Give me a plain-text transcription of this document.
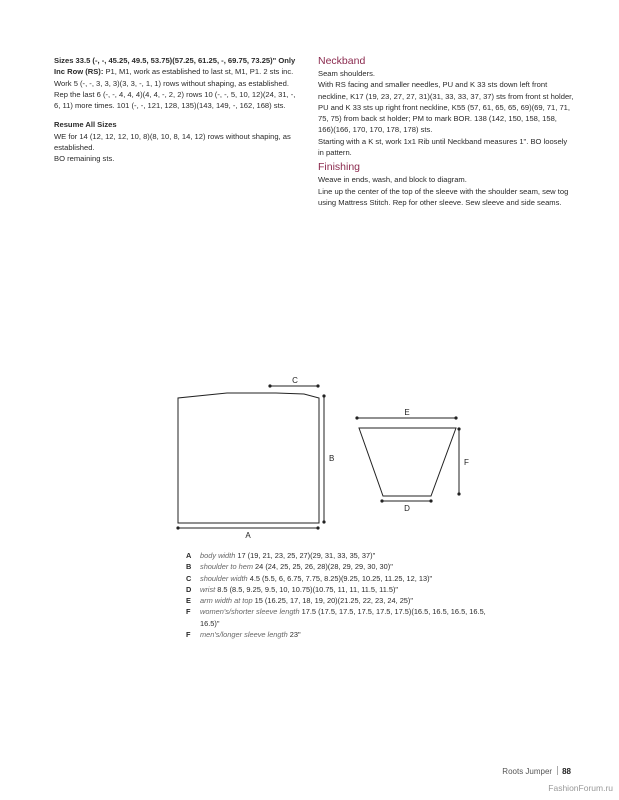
Sizes 33.5 (-, -, 45.25, 49.5, 53.75)(57.25, 61.25, -, 69.75, 73.25)" Only

Inc Row (RS): P1, M1, work as established to last st, M1, P1. 2 sts inc.

Work 5 (-, -, 3, 3, 3)(3, 3, -, 1, 1) rows without shaping, as established.

Rep the last 6 (-, -, 4, 4, 4)(4, 4, -, 2, 2) rows 10 (-, -, 5, 10, 12)(24, 31, -, 6, 11) more times. 101 (-, -, 121, 128, 135)(143, 149, -, 162, 168) sts.

Resume All Sizes

WE for 14 (12, 12, 12, 10, 8)(8, 10, 8, 14, 12) rows without shaping, as established.

BO remaining sts.

Neckband

Seam shoulders.

With RS facing and smaller needles, PU and K 33 sts down left front neckline, K17 (19, 23, 27, 27, 31)(31, 33, 33, 37, 37) sts from front st holder, PU and K 33 sts up right front neckline, K55 (57, 61, 65, 65, 69)(69, 71, 71, 75, 75) from back st holder; PM to mark BOR. 138 (142, 150, 158, 158, 166)(166, 170, 170, 178, 178) sts.

Starting with a K st, work 1x1 Rib until Neckband measures 1". BO loosely in pattern.

Finishing

Weave in ends, wash, and block to diagram.

Line up the center of the top of the sleeve with the shoulder seam, sew tog using Mattress Stitch. Rep for other sleeve. Sew sleeve and side seams.

C
B
A
E
F
D
A body width 17 (19, 21, 23, 25, 27)(29, 31, 33, 35, 37)"
B shoulder to hem 24 (24, 25, 25, 26, 28)(28, 29, 29, 30, 30)"
C shoulder width 4.5 (5.5, 6, 6.75, 7.75, 8.25)(9.25, 10.25, 11.25, 12, 13)"
D wrist 8.5 (8.5, 9.25, 9.5, 10, 10.75)(10.75, 11, 11, 11.5, 11.5)"
E arm width at top 15 (16.25, 17, 18, 19, 20)(21.25, 22, 23, 24, 25)"
F women's/shorter sleeve length 17.5 (17.5, 17.5, 17.5, 17.5, 17.5)(16.5, 16.5, 16.5, 16.5, 16.5)"
F men's/longer sleeve length 23"
Roots Jumper 88
FashionForum.ru
